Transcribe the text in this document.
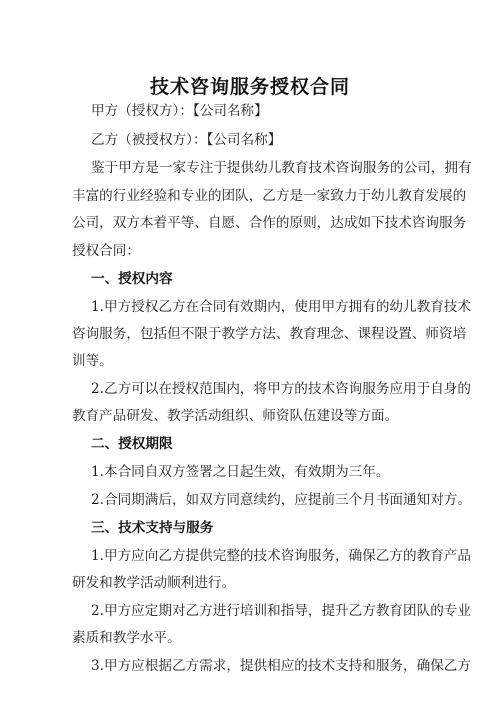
技术咨询服务授权合同
甲方（授权方）：【公司名称】
乙方（被授权方）：【公司名称】
鉴于甲方是一家专注于提供幼儿教育技术咨询服务的公司，拥有
丰富的行业经验和专业的团队，乙方是一家致力于幼儿教育发展的
公司，双方本着平等、自愿、合作的原则，达成如下技术咨询服务
授权合同：
一、授权内容
1.甲方授权乙方在合同有效期内，使用甲方拥有的幼儿教育技术
咨询服务，包括但不限于教学方法、教育理念、课程设置、师资培
训等。
2.乙方可以在授权范围内，将甲方的技术咨询服务应用于自身的
教育产品研发、教学活动组织、师资队伍建设等方面。
二、授权期限
1.本合同自双方签署之日起生效，有效期为三年。
2.合同期满后，如双方同意续约，应提前三个月书面通知对方。
三、技术支持与服务
1.甲方应向乙方提供完整的技术咨询服务，确保乙方的教育产品
研发和教学活动顺利进行。
2.甲方应定期对乙方进行培训和指导，提升乙方教育团队的专业
素质和教学水平。
3.甲方应根据乙方需求，提供相应的技术支持和服务，确保乙方
